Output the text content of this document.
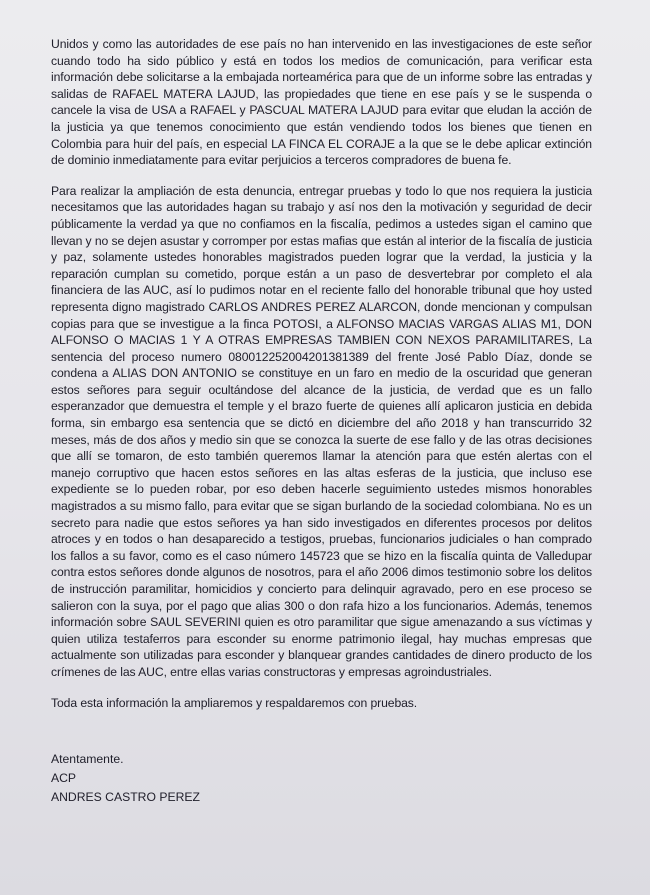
Unidos y como las autoridades de ese país no han intervenido en las investigaciones de este señor cuando todo ha sido público y está en todos los medios de comunicación, para verificar esta información debe solicitarse a la embajada norteamérica para que de un informe sobre las entradas y salidas de RAFAEL MATERA LAJUD, las propiedades que tiene en ese país y se le suspenda o cancele la visa de USA a RAFAEL y PASCUAL MATERA LAJUD para evitar que eludan la acción de la justicia ya que tenemos conocimiento que están vendiendo todos los bienes que tienen en Colombia para huir del país, en especial LA FINCA EL CORAJE a la que se le debe aplicar extinción de dominio inmediatamente para evitar perjuicios a terceros compradores de buena fe.

Para realizar la ampliación de esta denuncia, entregar pruebas y todo lo que nos requiera la justicia necesitamos que las autoridades hagan su trabajo y así nos den la motivación y seguridad de decir públicamente la verdad ya que no confiamos en la fiscalía, pedimos a ustedes sigan el camino que llevan y no se dejen asustar y corromper por estas mafias que están al interior de la fiscalía de justicia y paz, solamente ustedes honorables magistrados pueden lograr que la verdad, la justicia y la reparación cumplan su cometido, porque están a un paso de desvertebrar por completo el ala financiera de las AUC, así lo pudimos notar en el reciente fallo del honorable tribunal que hoy usted representa digno magistrado CARLOS ANDRES PEREZ ALARCON, donde mencionan y compulsan copias para que se investigue a la finca POTOSI, a ALFONSO MACIAS VARGAS ALIAS M1, DON ALFONSO O MACIAS 1 Y A OTRAS EMPRESAS TAMBIEN CON NEXOS PARAMILITARES, La sentencia del proceso numero 08001225200420138​1389 del frente José Pablo Díaz, donde se condena a ALIAS DON ANTONIO se constituye en un faro en medio de la oscuridad que generan estos señores para seguir ocultándose del alcance de la justicia, de verdad que es un fallo esperanzador que demuestra el temple y el brazo fuerte de quienes allí aplicaron justicia en debida forma, sin embargo esa sentencia que se dictó en diciembre del año 2018 y han transcurrido 32 meses, más de dos años y medio sin que se conozca la suerte de ese fallo y de las otras decisiones que allí se tomaron, de esto también queremos llamar la atención para que estén alertas con el manejo corruptivo que hacen estos señores en las altas esferas de la justicia, que incluso ese expediente se lo pueden robar, por eso deben hacerle seguimiento ustedes mismos honorables magistrados a su mismo fallo, para evitar que se sigan burlando de la sociedad colombiana. No es un secreto para nadie que estos señores ya han sido investigados en diferentes procesos por delitos atroces y en todos o han desaparecido a testigos, pruebas, funcionarios judiciales o han comprado los fallos a su favor, como es el caso número 145723 que se hizo en la fiscalía quinta de Valledupar contra estos señores donde algunos de nosotros, para el año 2006 dimos testimonio sobre los delitos de instrucción paramilitar, homicidios y concierto para delinquir agravado, pero en ese proceso se salieron con la suya, por el pago que alias 300 o don rafa hizo a los funcionarios. Además, tenemos información sobre SAUL SEVERINI quien es otro paramilitar que sigue amenazando a sus víctimas y quien utiliza testaferros para esconder su enorme patrimonio ilegal, hay muchas empresas que actualmente son utilizadas para esconder y blanquear grandes cantidades de dinero producto de los crímenes de las AUC, entre ellas varias constructoras y empresas agroindustriales.

Toda esta información la ampliaremos y respaldaremos con pruebas.

Atentamente.
ACP
ANDRES CASTRO PEREZ
